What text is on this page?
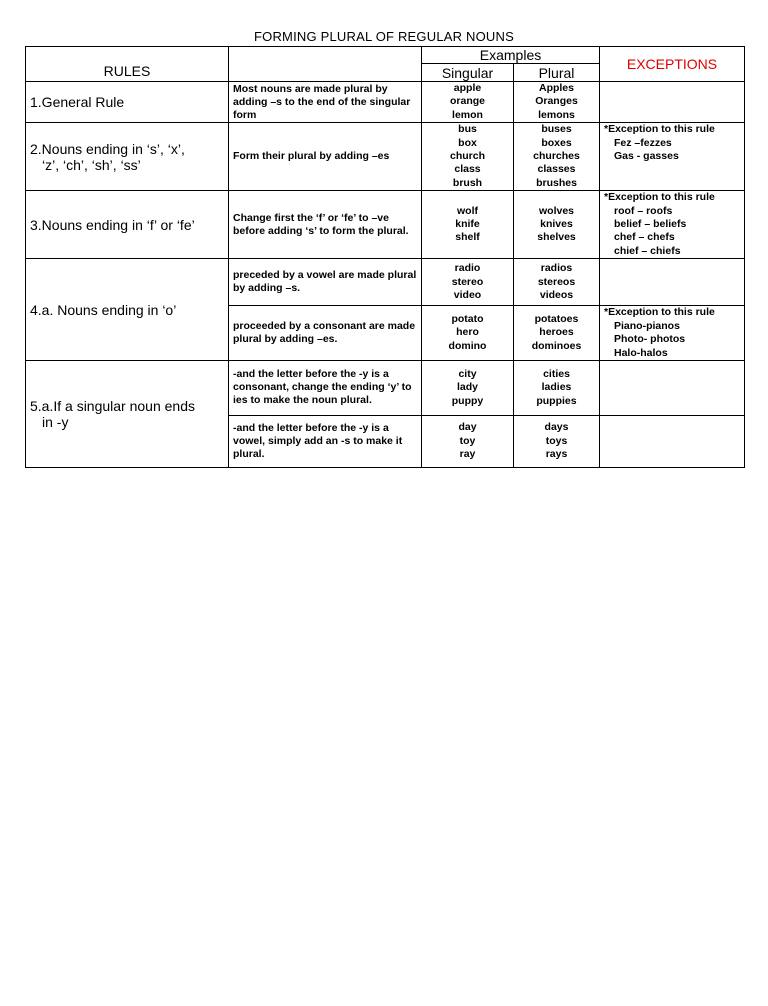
FORMING PLURAL OF REGULAR NOUNS
RULES		Examples		EXCEPTIONS
		Singular	Plural	
1.General Rule	Most nouns are made plural by adding –s to the end of the singular form	apple
orange
lemon	Apples
Oranges
lemons	

2.Nouns ending in ‘s’, ‘x’,
‘z’, ‘ch’, ‘sh’, ‘ss’	Form their plural by adding –es	bus
box
church
class
brush	buses
boxes
churches
classes
brushes	*Exception to this rule
Fez –fezzes
Gas - gasses

3.Nouns ending in ‘f’ or ‘fe’	Change first the ‘f’ or ‘fe’ to –ve before adding ‘s’ to form the plural.	wolf
knife
shelf	wolves
knives
shelves	*Exception to this rule
roof – roofs
belief – beliefs
chef – chefs
chief – chiefs

4.a. Nouns ending in ‘o’	preceded by a vowel are made plural by adding –s.	radio
stereo
video	radios
stereos
videos	

	proceeded by a consonant are made plural by adding –es.	potato
hero
domino	potatoes
heroes
dominoes	*Exception to this rule
Piano-pianos
Photo- photos
Halo-halos

5.a.If a singular noun ends
in -y	-and the letter before the -y is a consonant, change the ending ‘y’ to ies to make the noun plural.	city
lady
puppy	cities
ladies
puppies	

	-and the letter before the -y is a vowel, simply add an -s to make it plural.	day
toy
ray	days
toys
rays	
